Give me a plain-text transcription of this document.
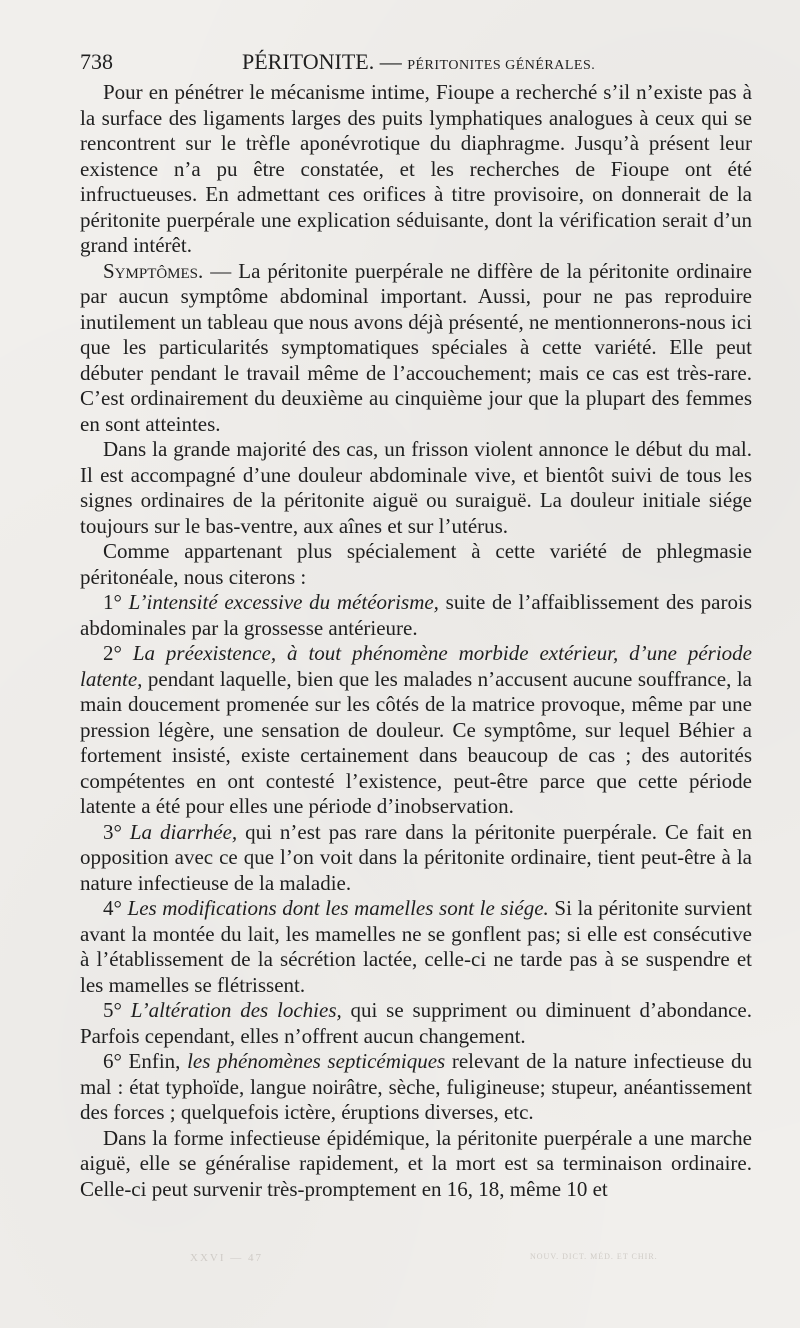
738	PÉRITONITE. — PÉRITONITES GÉNÉRALES.

Pour en pénétrer le mécanisme intime, Fioupe a recherché s’il n’existe pas à la surface des ligaments larges des puits lymphatiques analogues à ceux qui se rencontrent sur le trèfle aponévrotique du diaphragme. Jusqu’à présent leur existence n’a pu être constatée, et les recherches de Fioupe ont été infructueuses. En admettant ces orifices à titre provisoire, on donnerait de la péritonite puerpérale une explication séduisante, dont la vérification serait d’un grand intérêt.

Symptômes. — La péritonite puerpérale ne diffère de la péritonite ordinaire par aucun symptôme abdominal important. Aussi, pour ne pas reproduire inutilement un tableau que nous avons déjà présenté, ne mentionnerons-nous ici que les particularités symptomatiques spéciales à cette variété. Elle peut débuter pendant le travail même de l’accouchement; mais ce cas est très-rare. C’est ordinairement du deuxième au cinquième jour que la plupart des femmes en sont atteintes.

Dans la grande majorité des cas, un frisson violent annonce le début du mal. Il est accompagné d’une douleur abdominale vive, et bientôt suivi de tous les signes ordinaires de la péritonite aiguë ou suraiguë. La douleur initiale siége toujours sur le bas-ventre, aux aînes et sur l’utérus.

Comme appartenant plus spécialement à cette variété de phlegmasie péritonéale, nous citerons :

1° L’intensité excessive du météorisme, suite de l’affaiblissement des parois abdominales par la grossesse antérieure.

2° La préexistence, à tout phénomène morbide extérieur, d’une période latente, pendant laquelle, bien que les malades n’accusent aucune souffrance, la main doucement promenée sur les côtés de la matrice provoque, même par une pression légère, une sensation de douleur. Ce symptôme, sur lequel Béhier a fortement insisté, existe certainement dans beaucoup de cas ; des autorités compétentes en ont contesté l’existence, peut-être parce que cette période latente a été pour elles une période d’inobservation.

3° La diarrhée, qui n’est pas rare dans la péritonite puerpérale. Ce fait en opposition avec ce que l’on voit dans la péritonite ordinaire, tient peut-être à la nature infectieuse de la maladie.

4° Les modifications dont les mamelles sont le siége. Si la péritonite survient avant la montée du lait, les mamelles ne se gonflent pas; si elle est consécutive à l’établissement de la sécrétion lactée, celle-ci ne tarde pas à se suspendre et les mamelles se flétrissent.

5° L’altération des lochies, qui se suppriment ou diminuent d’abondance. Parfois cependant, elles n’offrent aucun changement.

6° Enfin, les phénomènes septicémiques relevant de la nature infectieuse du mal : état typhoïde, langue noirâtre, sèche, fuligineuse; stupeur, anéantissement des forces ; quelquefois ictère, éruptions diverses, etc.

Dans la forme infectieuse épidémique, la péritonite puerpérale a une marche aiguë, elle se généralise rapidement, et la mort est sa terminaison ordinaire. Celle-ci peut survenir très-promptement en 16, 18, même 10 et

XXVI — 47	NOUV. DICT. MÉD. ET CHIR.
